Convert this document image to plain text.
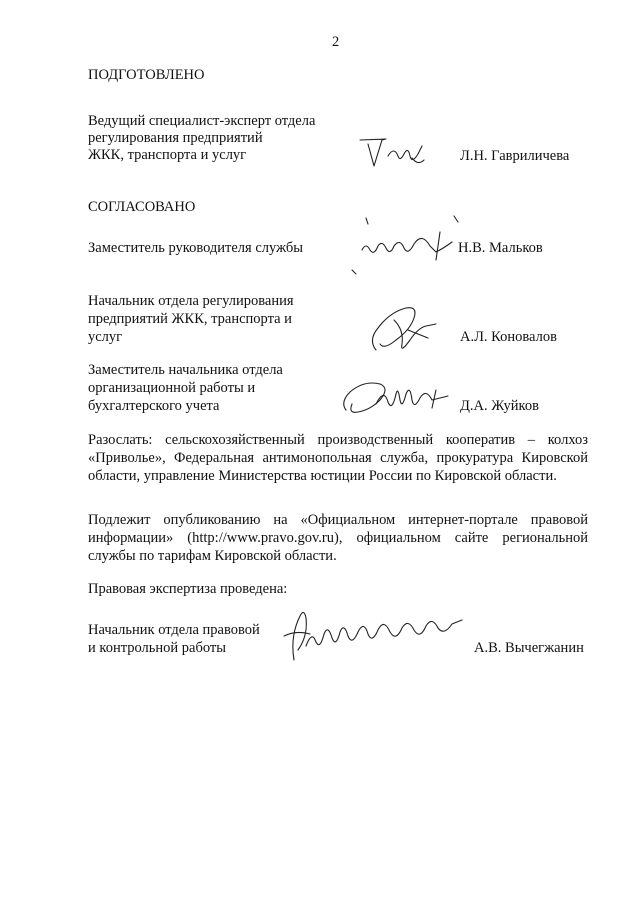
2
ПОДГОТОВЛЕНО
Ведущий специалист-эксперт отдела
регулирования предприятий
ЖКК, транспорта и услуг	Л.Н. Гавриличева
СОГЛАСОВАНО
Заместитель руководителя службы	Н.В. Мальков
Начальник отдела регулирования
предприятий ЖКК, транспорта и
услуг	А.Л. Коновалов
Заместитель начальника отдела
организационной работы и
бухгалтерского учета	Д.А. Жуйков
Разослать: сельскохозяйственный производственный кооператив – колхоз «Приволье», Федеральная антимонопольная служба, прокуратура Кировской области, управление Министерства юстиции России по Кировской области.
Подлежит опубликованию на «Официальном интернет-портале правовой информации» (http://www.pravo.gov.ru), официальном сайте региональной службы по тарифам Кировской области.
Правовая экспертиза проведена:
Начальник отдела правовой
и контрольной работы	А.В. Вычегжанин
